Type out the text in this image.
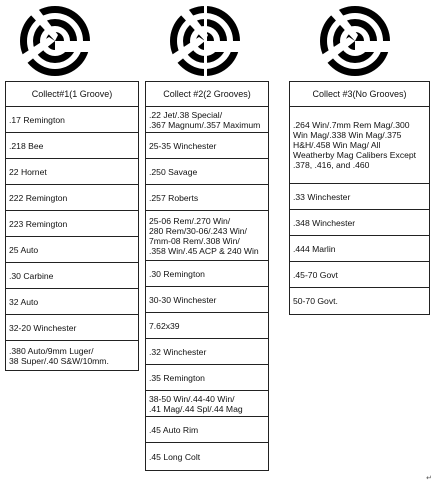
Collect#1(1 Groove)
.17 Remington
.218 Bee
22 Hornet
222 Remington
223 Remington
25 Auto
.30 Carbine
32 Auto
32-20 Winchester
.380 Auto/9mm Luger/
38 Super/.40 S&W/10mm.
Collect #2(2 Grooves)
.22 Jet/.38 Special/
.367 Magnum/.357 Maximum
25-35 Winchester
.250 Savage
.257 Roberts
25-06 Rem/.270 Win/
280 Rem/30-06/.243 Win/
7mm-08 Rem/.308 Win/
.358 Win/.45 ACP & 240 Win
.30 Remington
30-30 Winchester
7.62x39
.32 Winchester
.35 Remington
38-50 Win/.44-40 Win/
.41 Mag/.44 Spl/.44 Mag
.45 Auto Rim
.45 Long Colt
Collect #3(No Grooves)
.264 Win/.7mm Rem Mag/.300
Win Mag/.338 Win Mag/.375
H&H/.458 Win Mag/ All
Weatherby Mag Calibers Except
.378, .416, and .460
.33 Winchester
.348 Winchester
.444 Marlin
.45-70 Govt
50-70 Govt.
↵
